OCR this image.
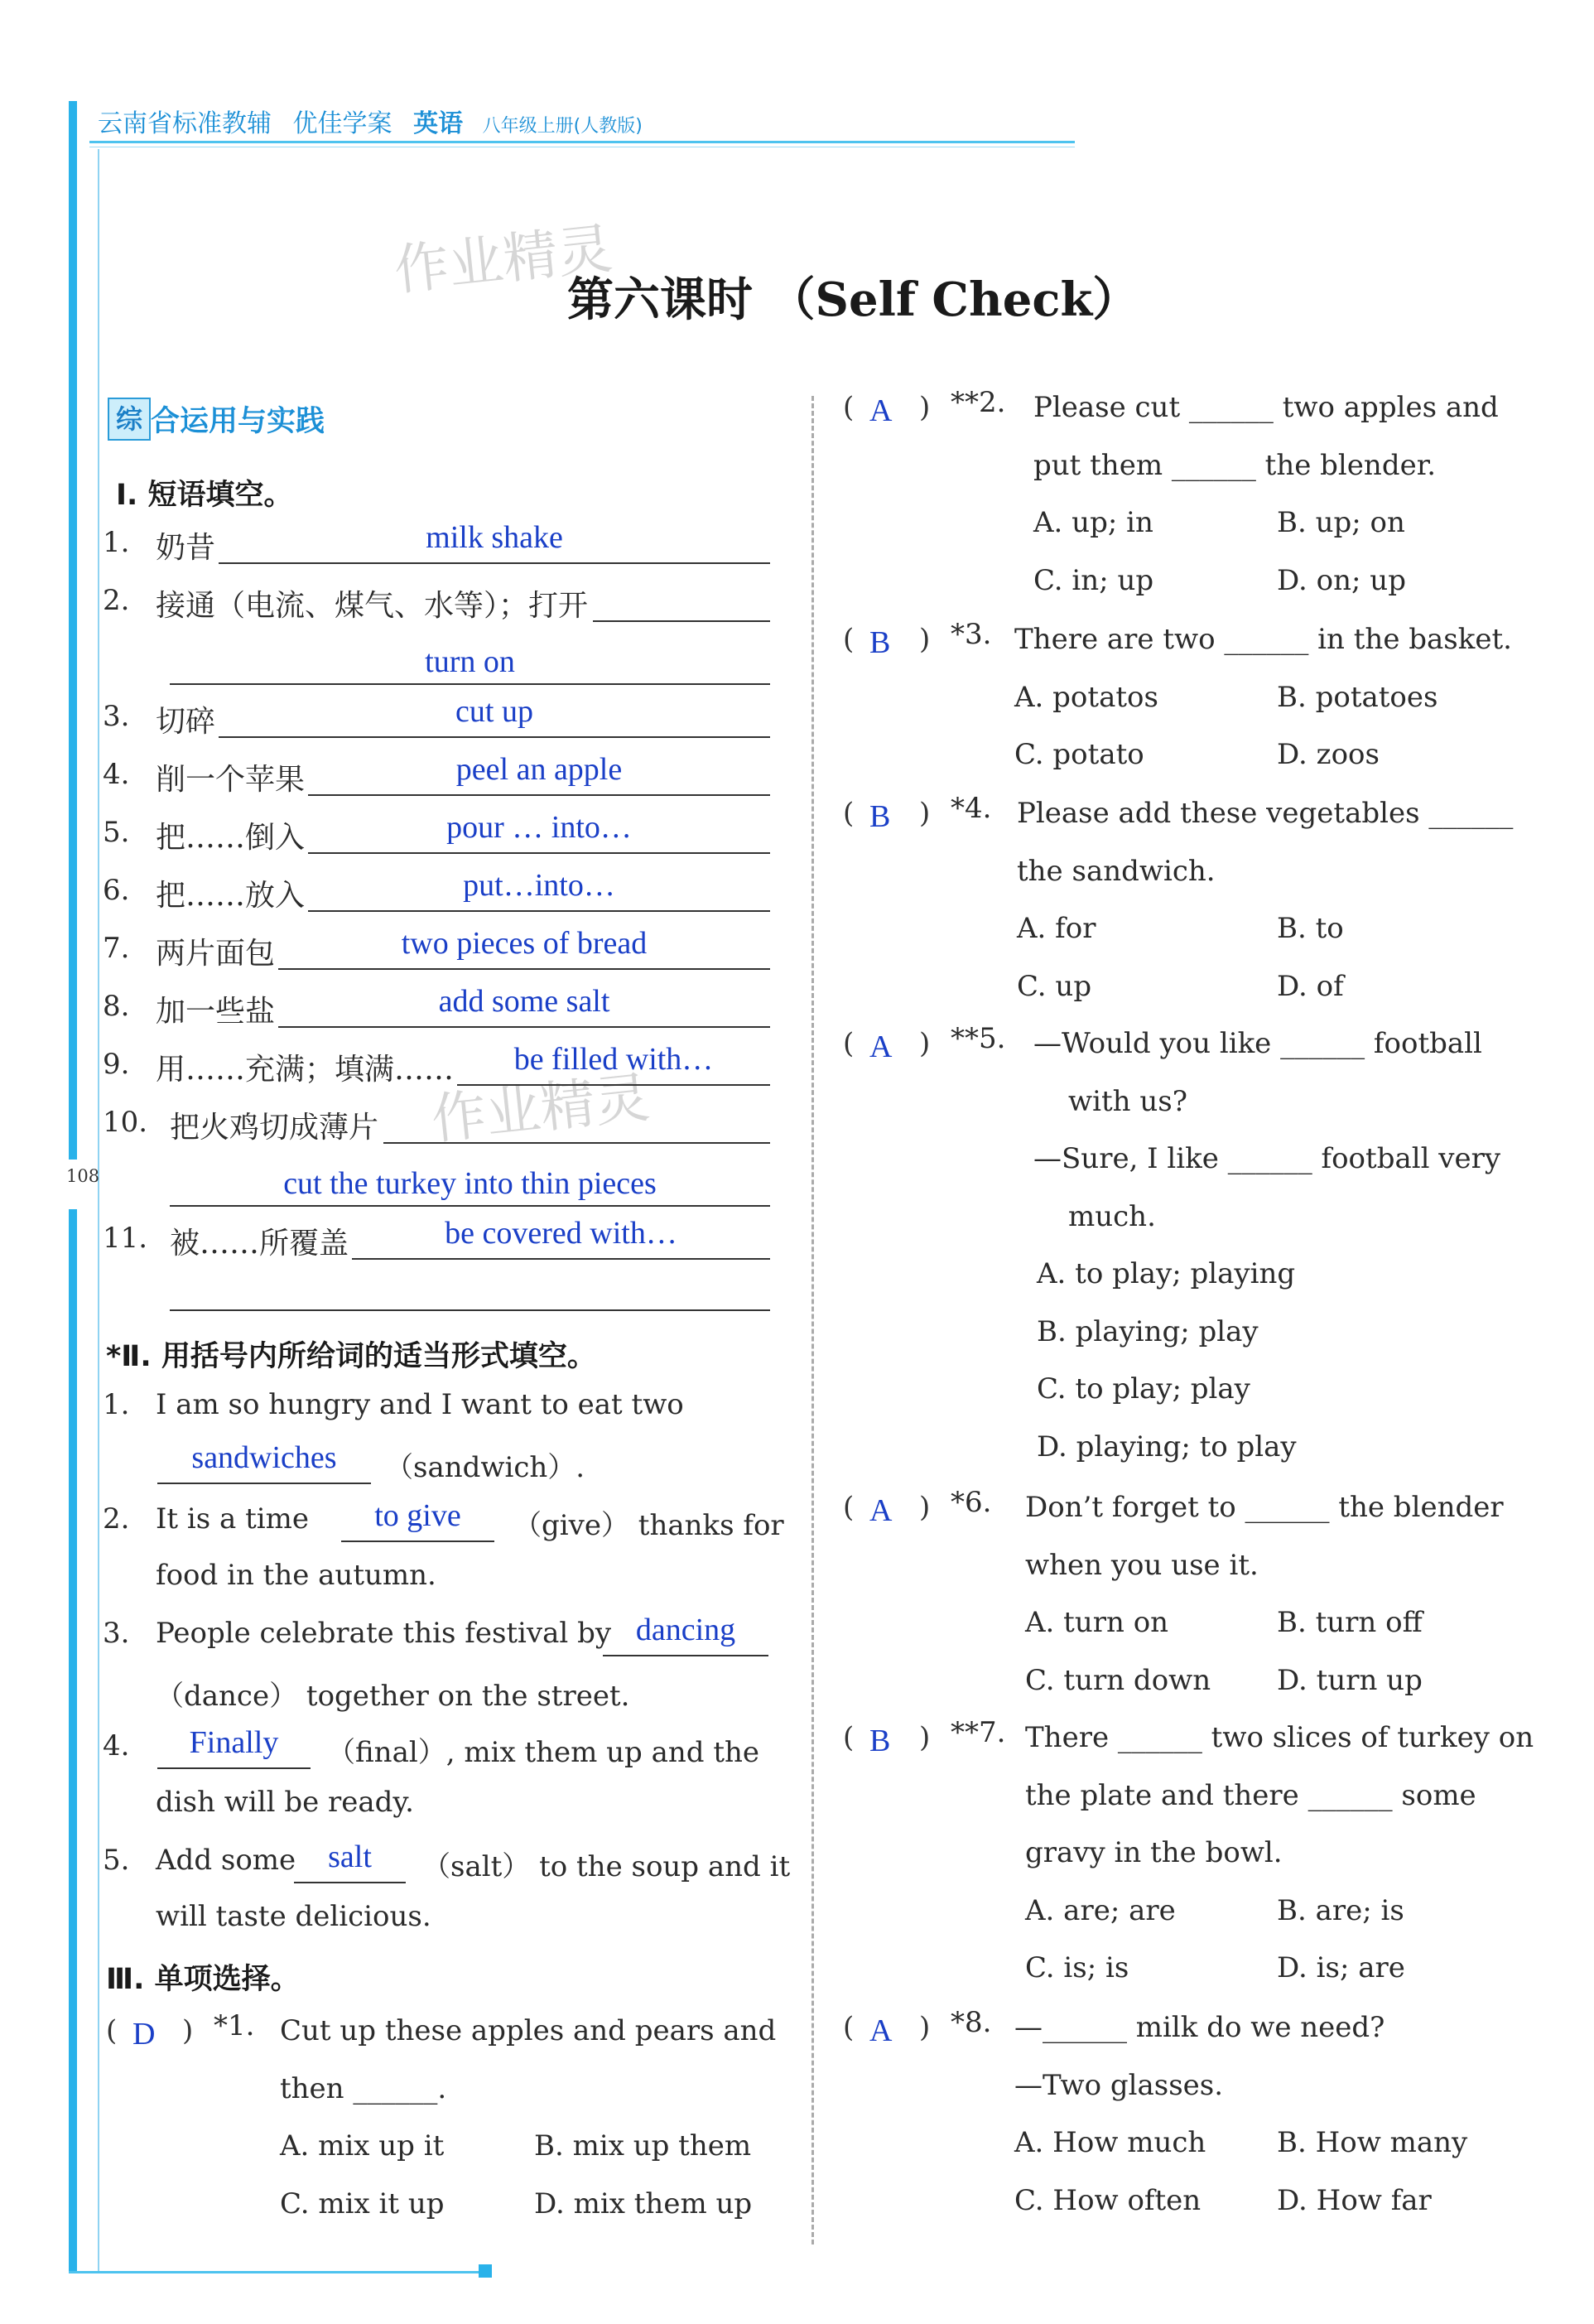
云南省标准教辅 优佳学案 英语 八年级上册(人教版)
作业精灵
作业精灵
108
第六课时 （Self Check）
综 合运用与实践
Ⅰ. 短语填空。
1. 奶昔	milk shake
2. 接通（电流、煤气、水等）；打开
turn on
3. 切碎	cut up
4. 削一个苹果	peel an apple
5. 把……倒入	pour … into…
6. 把……放入	put…into…
7. 两片面包	two pieces of bread
8. 加一些盐	add some salt
9. 用……充满；填满…… be filled with…
10. 把火鸡切成薄片
cut the turkey into thin pieces
11. 被……所覆盖	be covered with…
*Ⅱ. 用括号内所给词的适当形式填空。
1. I am so hungry and I want to eat two
sandwiches （sandwich）.
2. It is a time to give （give） thanks for
food in the autumn.
3. People celebrate this festival by dancing
（dance） together on the street.
4. Finally （final）, mix them up and the
dish will be ready.
5. Add some salt （salt） to the soup and it
will taste delicious.
Ⅲ. 单项选择。
( D ) *1. Cut up these apples and pears and
then ______.
A. mix up it	B. mix up them
C. mix it up	D. mix them up
( A ) **2. Please cut ______ two apples and
put them ______ the blender.
A. up; in	B. up; on
C. in; up	D. on; up
( B ) *3. There are two ______ in the basket.
A. potatos	B. potatoes
C. potato	D. zoos
( B ) *4. Please add these vegetables ______
the sandwich.
A. for	B. to
C. up	D. of
( A ) **5. —Would you like ______ football
with us?
—Sure, I like ______ football very
much.
A. to play; playing
B. playing; play
C. to play; play
D. playing; to play
( A ) *6. Don’t forget to ______ the blender
when you use it.
A. turn on	B. turn off
C. turn down D. turn up
( B ) **7. There ______ two slices of turkey on
the plate and there ______ some
gravy in the bowl.
A. are; are	B. are; is
C. is; is	D. is; are
( A ) *8. —______ milk do we need?
—Two glasses.
A. How much	B. How many
C. How often	D. How far
